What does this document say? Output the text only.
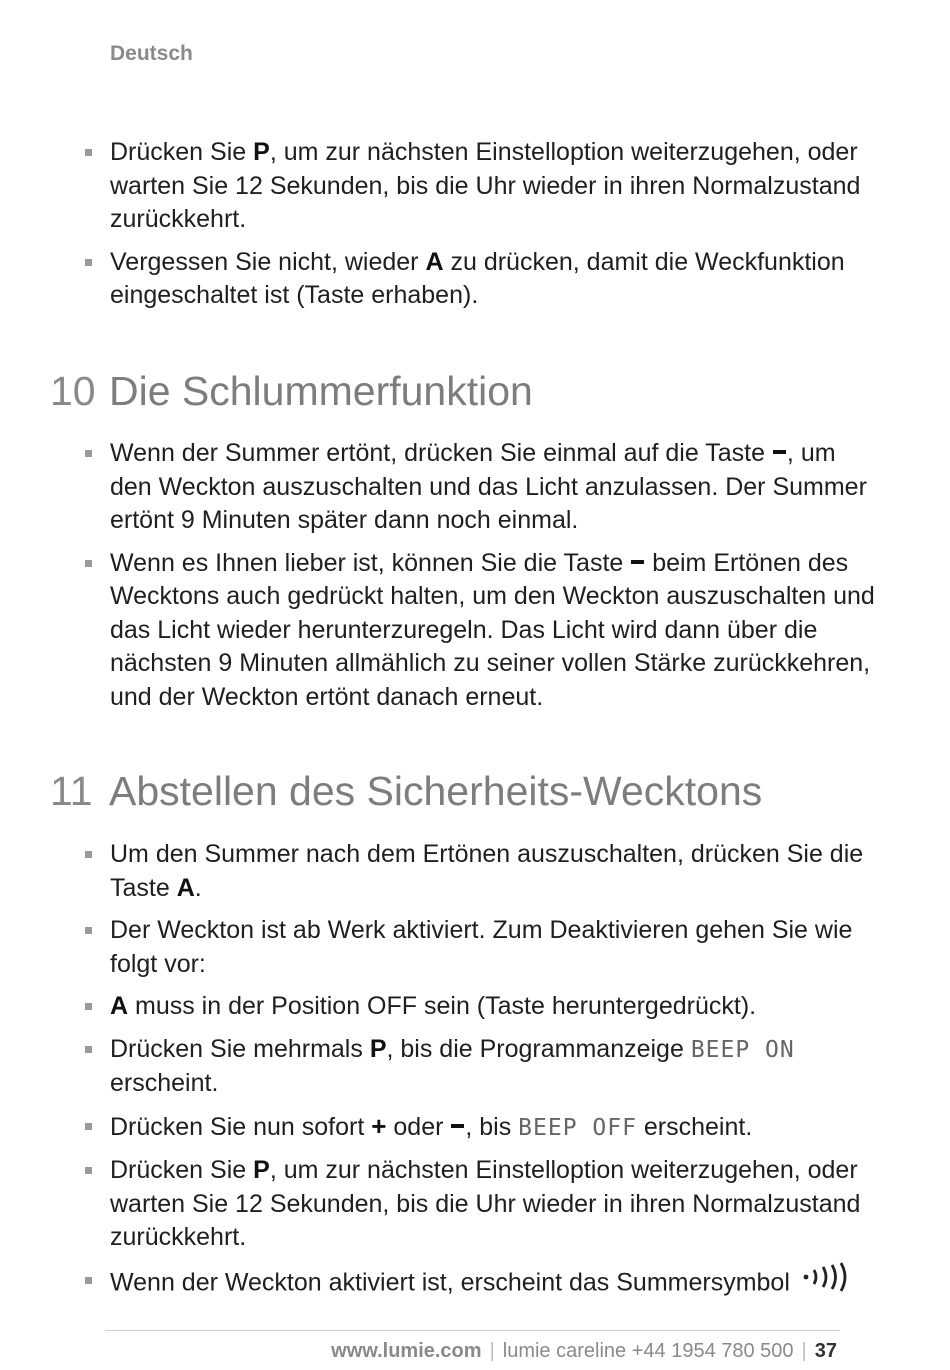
Deutsch
Drücken Sie P, um zur nächsten Einstelloption weiterzugehen, oder warten Sie 12 Sekunden, bis die Uhr wieder in ihren Normalzustand zurückkehrt.
Vergessen Sie nicht, wieder A zu drücken, damit die Weckfunktion eingeschaltet ist (Taste erhaben).
10 Die Schlummerfunktion
Wenn der Summer ertönt, drücken Sie einmal auf die Taste , um den Weckton auszuschalten und das Licht anzulassen. Der Summer ertönt 9 Minuten später dann noch einmal.
Wenn es Ihnen lieber ist, können Sie die Taste  beim Ertönen des Wecktons auch gedrückt halten, um den Weckton auszuschalten und das Licht wieder herunterzuregeln. Das Licht wird dann über die nächsten 9 Minuten allmählich zu seiner vollen Stärke zurückkehren, und der Weckton ertönt danach erneut.
11 Abstellen des Sicherheits-Wecktons
Um den Summer nach dem Ertönen auszuschalten, drücken Sie die Taste A.
Der Weckton ist ab Werk aktiviert. Zum Deaktivieren gehen Sie wie folgt vor:
A muss in der Position OFF sein (Taste heruntergedrückt).
Drücken Sie mehrmals P, bis die Programmanzeige BEEP ON erscheint.
Drücken Sie nun sofort + oder , bis BEEP OFF erscheint.
Drücken Sie P, um zur nächsten Einstelloption weiterzugehen, oder warten Sie 12 Sekunden, bis die Uhr wieder in ihren Normalzustand zurückkehrt.
Wenn der Weckton aktiviert ist, erscheint das Summersymbol
www.lumie.com | lumie careline +44 1954 780 500 | 37
